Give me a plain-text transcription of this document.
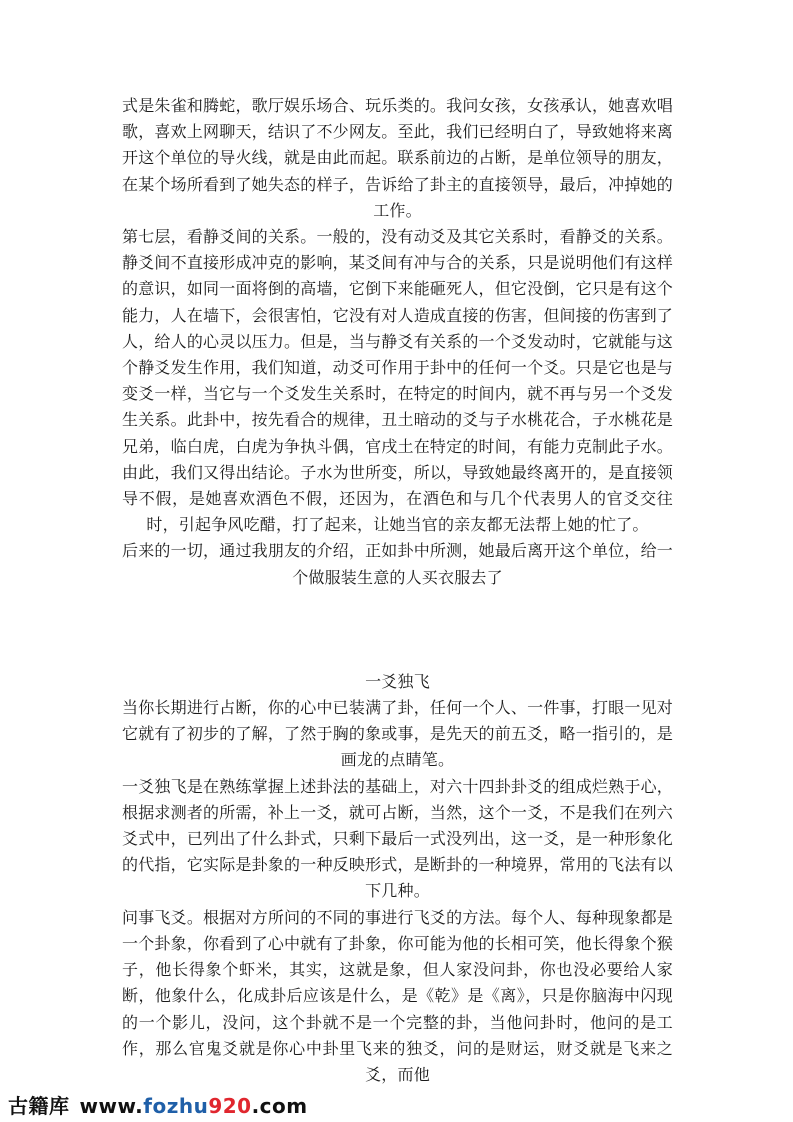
式是朱雀和腾蛇，歌厅娱乐场合、玩乐类的。我问女孩，女孩承认，她喜欢唱歌，喜欢上网聊天，结识了不少网友。至此，我们已经明白了，导致她将来离开这个单位的导火线，就是由此而起。联系前边的占断，是单位领导的朋友，在某个场所看到了她失态的样子，告诉给了卦主的直接领导，最后，冲掉她的工作。

第七层，看静爻间的关系。一般的，没有动爻及其它关系时，看静爻的关系。静爻间不直接形成冲克的影响，某爻间有冲与合的关系，只是说明他们有这样的意识，如同一面将倒的高墙，它倒下来能砸死人，但它没倒，它只是有这个能力，人在墙下，会很害怕，它没有对人造成直接的伤害，但间接的伤害到了人，给人的心灵以压力。但是，当与静爻有关系的一个爻发动时，它就能与这个静爻发生作用，我们知道，动爻可作用于卦中的任何一个爻。只是它也是与变爻一样，当它与一个爻发生关系时，在特定的时间内，就不再与另一个爻发生关系。此卦中，按先看合的规律，丑土暗动的爻与子水桃花合，子水桃花是兄弟，临白虎，白虎为争执斗偶，官戌土在特定的时间，有能力克制此子水。由此，我们又得出结论。子水为世所变，所以，导致她最终离开的，是直接领导不假，是她喜欢酒色不假，还因为，在酒色和与几个代表男人的官爻交往时，引起争风吃醋，打了起来，让她当官的亲友都无法帮上她的忙了。

后来的一切，通过我朋友的介绍，正如卦中所测，她最后离开这个单位，给一个做服装生意的人买衣服去了

一爻独飞

当你长期进行占断，你的心中已装满了卦，任何一个人、一件事，打眼一见对它就有了初步的了解，了然于胸的象或事，是先天的前五爻，略一指引的，是画龙的点睛笔。

一爻独飞是在熟练掌握上述卦法的基础上，对六十四卦卦爻的组成烂熟于心，根据求测者的所需，补上一爻，就可占断，当然，这个一爻，不是我们在列六爻式中，已列出了什么卦式，只剩下最后一式没列出，这一爻，是一种形象化的代指，它实际是卦象的一种反映形式，是断卦的一种境界，常用的飞法有以下几种。

问事飞爻。根据对方所问的不同的事进行飞爻的方法。每个人、每种现象都是一个卦象，你看到了心中就有了卦象，你可能为他的长相可笑，他长得象个猴子，他长得象个虾米，其实，这就是象，但人家没问卦，你也没必要给人家断，他象什么，化成卦后应该是什么，是《乾》是《离》，只是你脑海中闪现的一个影儿，没问，这个卦就不是一个完整的卦，当他问卦时，他问的是工作，那么官鬼爻就是你心中卦里飞来的独爻，问的是财运，财爻就是飞来之爻，而他

古籍库 www.fozhu920.com
